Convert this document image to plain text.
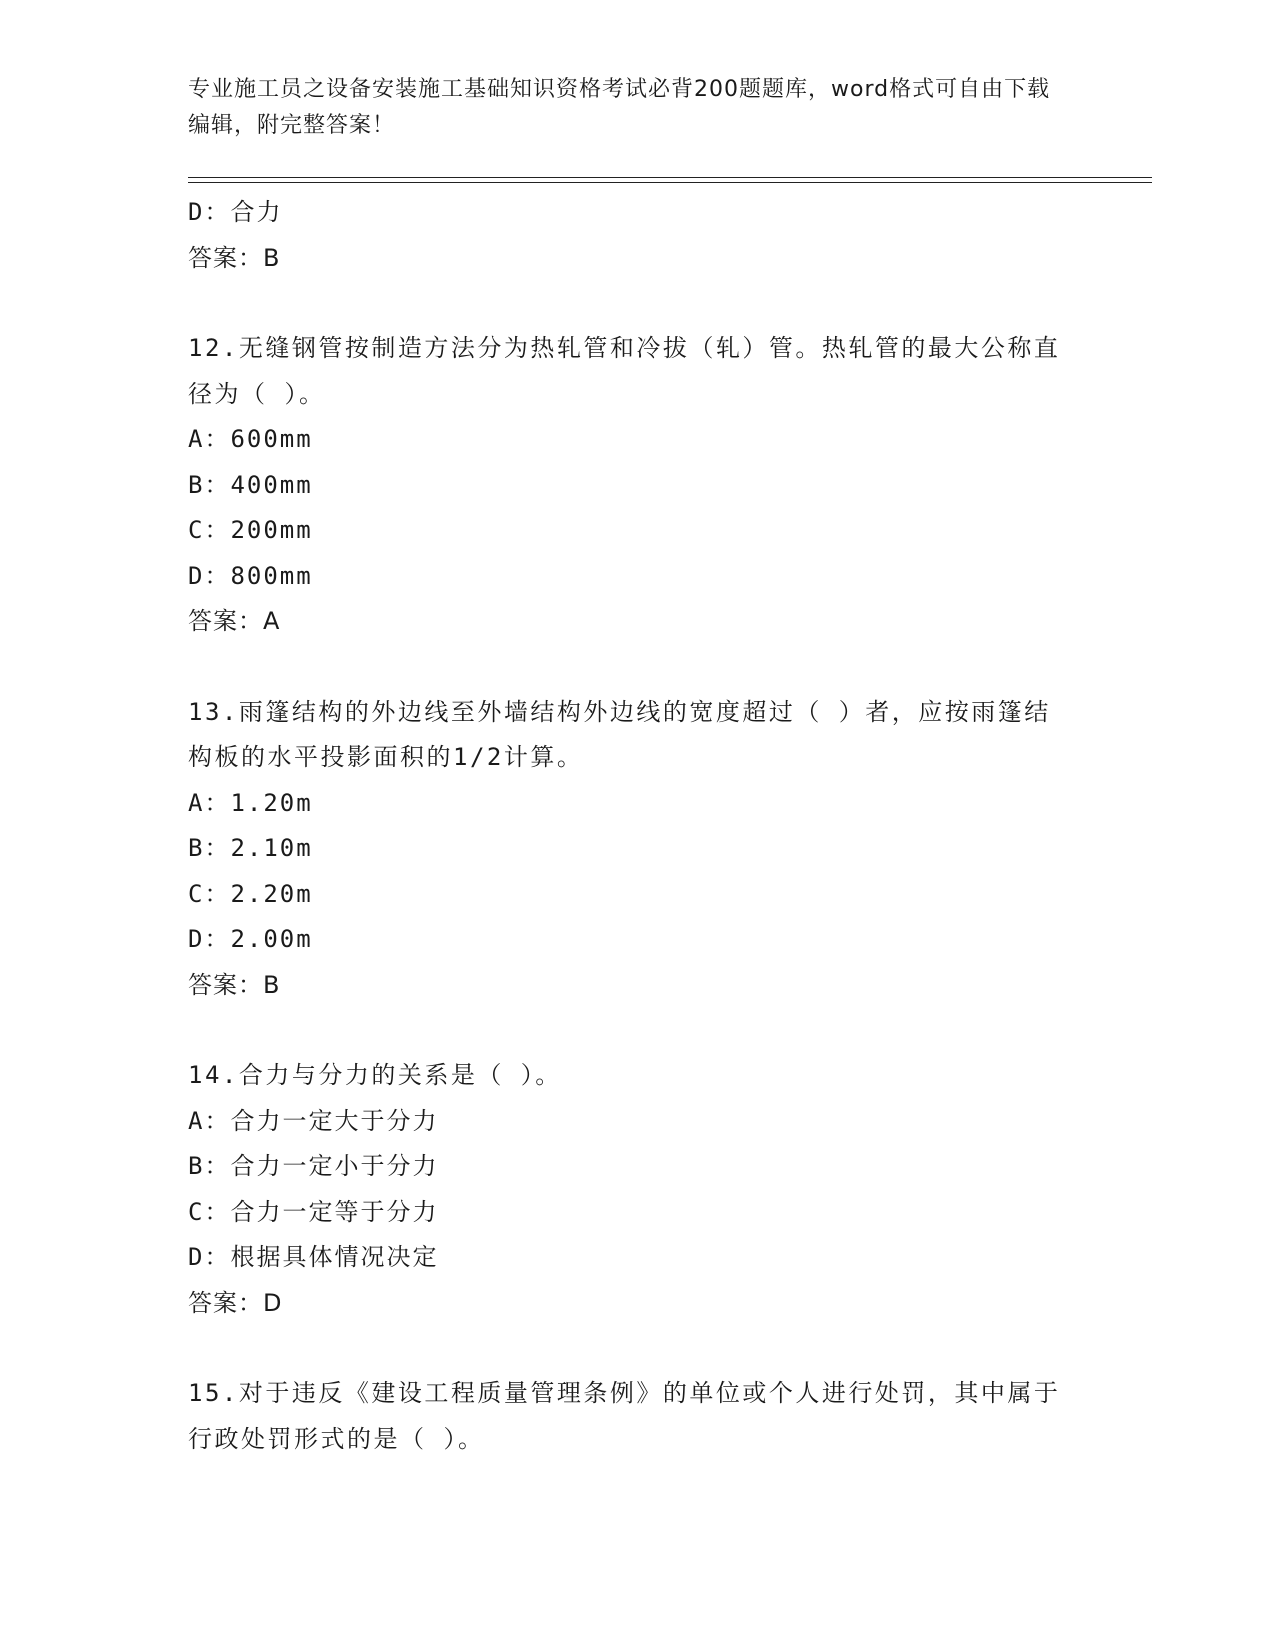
专业施工员之设备安装施工基础知识资格考试必背200题题库，word格式可自由下载编辑，附完整答案！
D：合力
答案：B
12.无缝钢管按制造方法分为热轧管和冷拔（轧）管。热轧管的最大公称直径为（ ）。
A：600mm
B：400mm
C：200mm
D：800mm
答案：A
13.雨篷结构的外边线至外墙结构外边线的宽度超过（ ）者，应按雨篷结构板的水平投影面积的1/2计算。
A：1.20m
B：2.10m
C：2.20m
D：2.00m
答案：B
14.合力与分力的关系是（ ）。
A：合力一定大于分力
B：合力一定小于分力
C：合力一定等于分力
D：根据具体情况决定
答案：D
15.对于违反《建设工程质量管理条例》的单位或个人进行处罚，其中属于行政处罚形式的是（ ）。
